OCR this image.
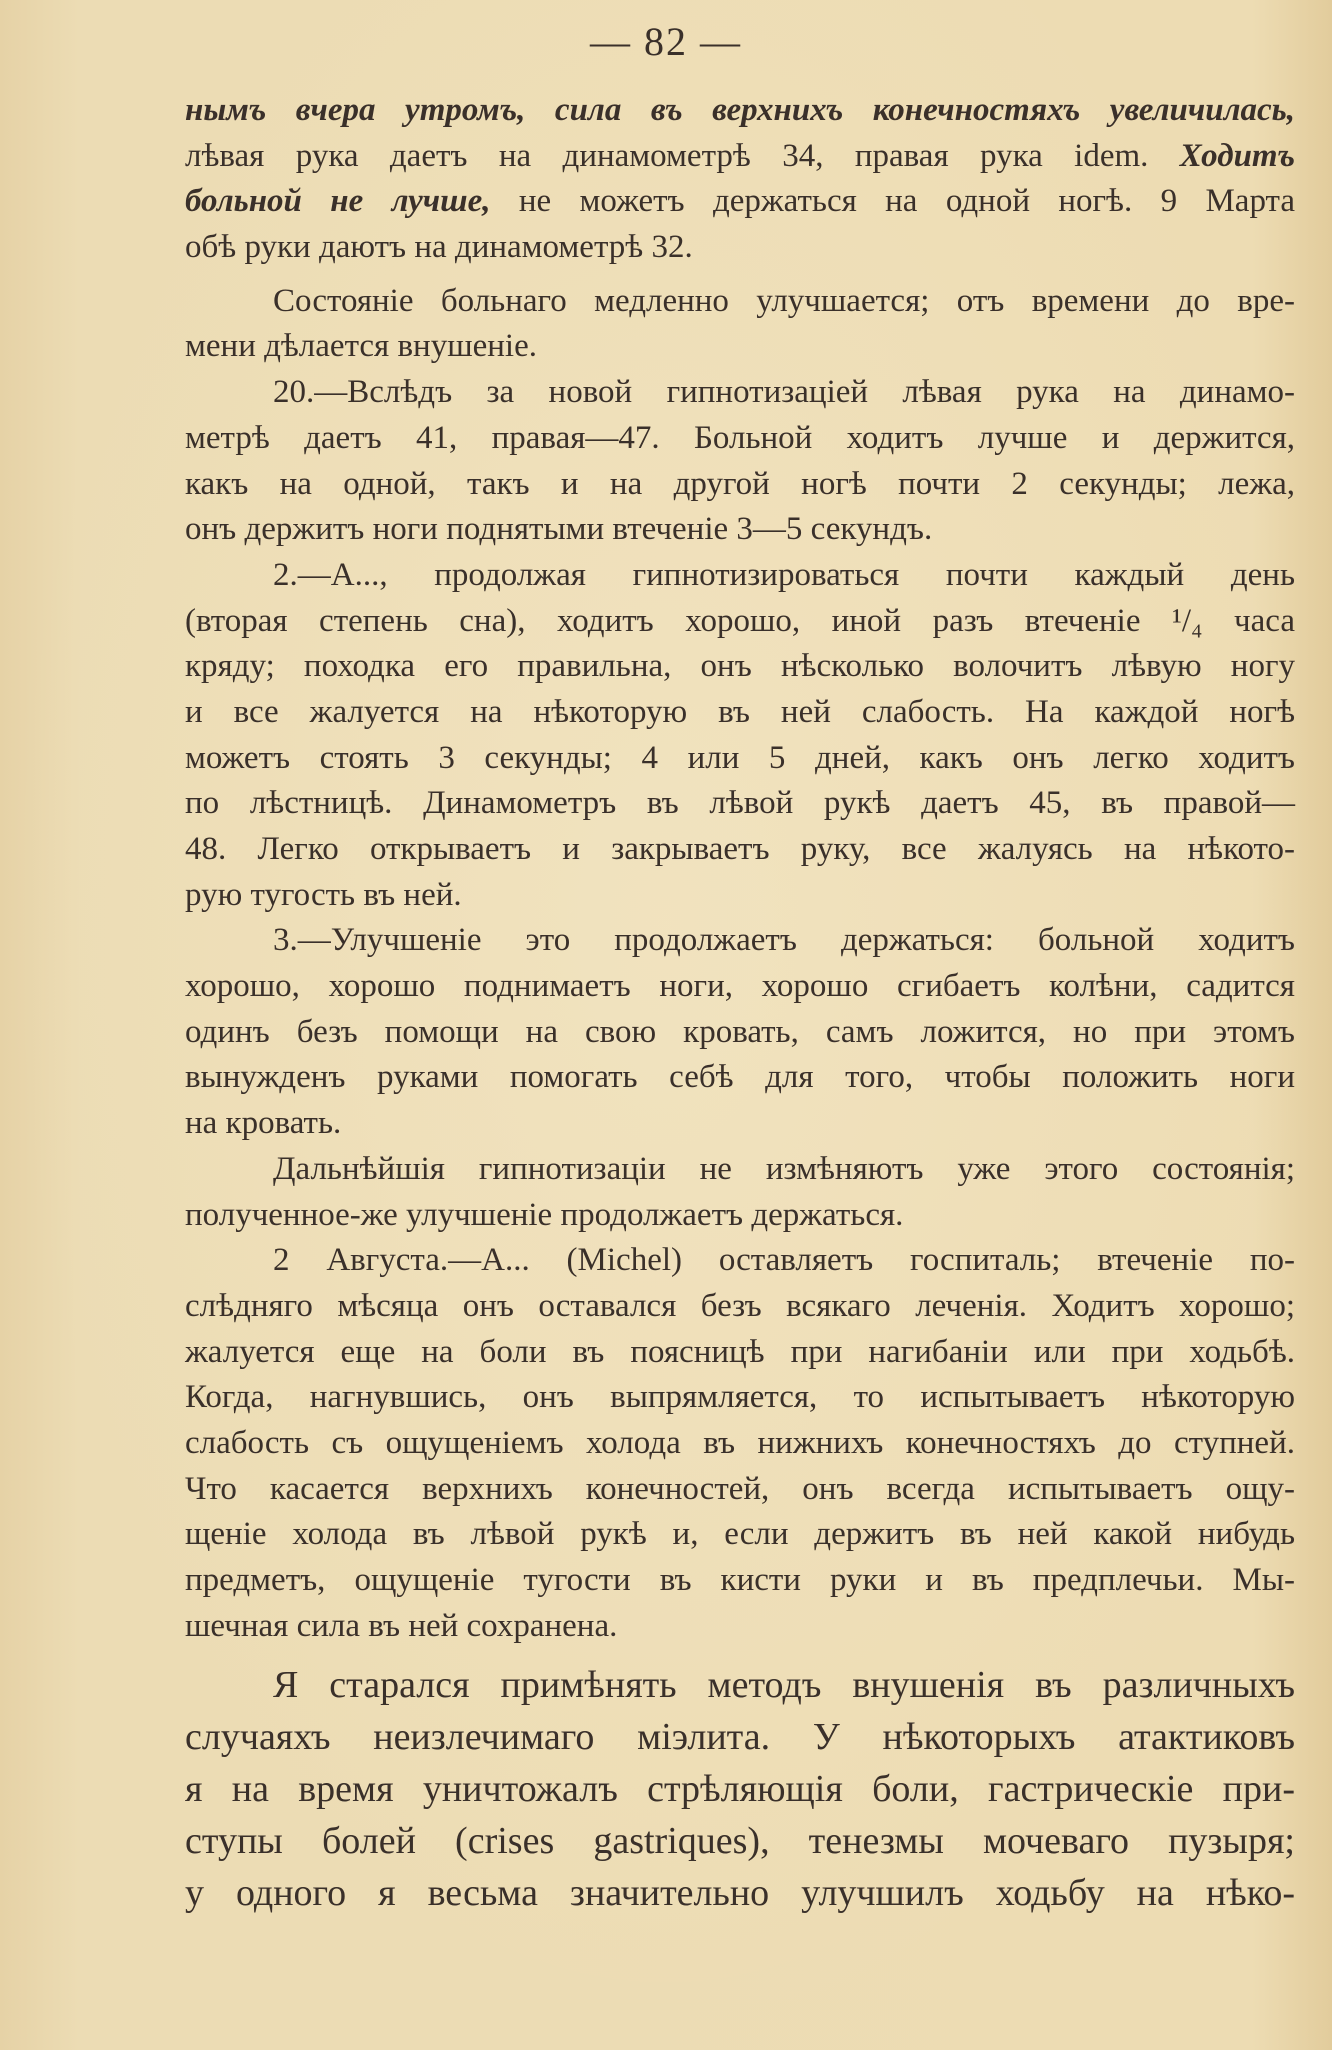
— 82 —
нымъ вчера утромъ, сила въ верхнихъ конечностяхъ увеличилась,
лѣвая рука даетъ на динамометрѣ 34, правая рука idem. Ходитъ
больной не лучше, не можетъ держаться на одной ногѣ. 9 Марта
обѣ руки даютъ на динамометрѣ 32.
Состояніе больнаго медленно улучшается; отъ времени до вре-
мени дѣлается внушеніе.
20.—Вслѣдъ за новой гипнотизацiей лѣвая рука на динамо-
метрѣ даетъ 41, правая—47. Больной ходитъ лучше и держится,
какъ на одной, такъ и на другой ногѣ почти 2 секунды; лежа,
онъ держитъ ноги поднятыми втеченіе 3—5 секундъ.
2.—А..., продолжая гипнотизироваться почти каждый день
(вторая степень сна), ходитъ хорошо, иной разъ втеченіе ¹/₄ часа
кряду; походка его правильна, онъ нѣсколько волочитъ лѣвую ногу
и все жалуется на нѣкоторую въ ней слабость. На каждой ногѣ
можетъ стоять 3 секунды; 4 или 5 дней, какъ онъ легко ходитъ
по лѣстницѣ. Динамометръ въ лѣвой рукѣ даетъ 45, въ правой—
48. Легко открываетъ и закрываетъ руку, все жалуясь на нѣкото-
рую тугость въ ней.
3.—Улучшеніе это продолжаетъ держаться: больной ходитъ
хорошо, хорошо поднимаетъ ноги, хорошо сгибаетъ колѣни, садится
одинъ безъ помощи на свою кровать, самъ ложится, но при этомъ
вынужденъ руками помогать себѣ для того, чтобы положить ноги
на кровать.
Дальнѣйшія гипнотизаціи не измѣняютъ уже этого состоянія;
полученное-же улучшеніе продолжаетъ держаться.
2 Августа.—А... (Michel) оставляетъ госпиталь; втеченіе по-
слѣдняго мѣсяца онъ оставался безъ всякаго леченія. Ходитъ хорошо;
жалуется еще на боли въ поясницѣ при нагибаніи или при ходьбѣ.
Когда, нагнувшись, онъ выпрямляется, то испытываетъ нѣкоторую
слабость съ ощущеніемъ холода въ нижнихъ конечностяхъ до ступней.
Что касается верхнихъ конечностей, онъ всегда испытываетъ ощу-
щеніе холода въ лѣвой рукѣ и, если держитъ въ ней какой нибудь
предметъ, ощущеніе тугости въ кисти руки и въ предплечьи. Мы-
шечная сила въ ней сохранена.
Я старался примѣнять методъ внушенія въ различныхъ
случаяхъ неизлечимаго міэлита. У нѣкоторыхъ атактиковъ
я на время уничтожалъ стрѣляющія боли, гастрическіе при-
ступы болей (crises gastriques), тенезмы мочеваго пузыря;
у одного я весьма значительно улучшилъ ходьбу на нѣко-
